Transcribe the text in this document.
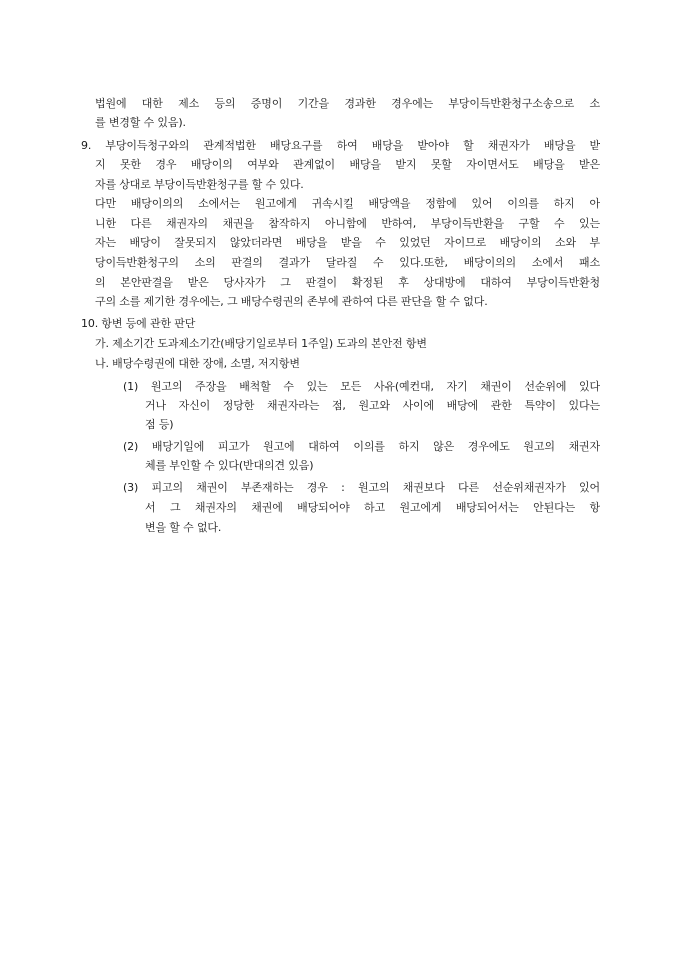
법원에 대한 제소 등의 증명이 기간을 경과한 경우에는 부당이득반환청구소송으로 소
를 변경할 수 있음).
9. 부당이득청구와의 관계적법한 배당요구를 하여 배당을 받아야 할 채권자가 배당을 받
지 못한 경우 배당이의 여부와 관계없이 배당을 받지 못할 자이면서도 배당을 받은
자를 상대로 부당이득반환청구를 할 수 있다.
다만 배당이의의 소에서는 원고에게 귀속시킬 배당액을 정함에 있어 이의를 하지 아
니한 다른 채권자의 채권을 참작하지 아니함에 반하여, 부당이득반환을 구할 수 있는
자는 배당이 잘못되지 않았더라면 배당을 받을 수 있었던 자이므로 배당이의 소와 부
당이득반환청구의 소의 판결의 결과가 달라질 수 있다.또한, 배당이의의 소에서 패소
의 본안판결을 받은 당사자가 그 판결이 확정된 후 상대방에 대하여 부당이득반환청
구의 소를 제기한 경우에는, 그 배당수령권의 존부에 관하여 다른 판단을 할 수 없다.
10. 항변 등에 관한 판단
가. 제소기간 도과제소기간(배당기일로부터 1주일) 도과의 본안전 항변
나. 배당수령권에 대한 장애, 소멸, 저지항변
(1) 원고의 주장을 배척할 수 있는 모든 사유(예컨대, 자기 채권이 선순위에 있다
거나 자신이 정당한 채권자라는 점, 원고와 사이에 배당에 관한 특약이 있다는
점 등)
(2) 배당기일에 피고가 원고에 대하여 이의를 하지 않은 경우에도 원고의 채권자
체를 부인할 수 있다(반대의견 있음)
(3) 피고의 채권이 부존재하는 경우 : 원고의 채권보다 다른 선순위채권자가 있어
서 그 채권자의 채권에 배당되어야 하고 원고에게 배당되어서는 안된다는 항
변을 할 수 없다.
